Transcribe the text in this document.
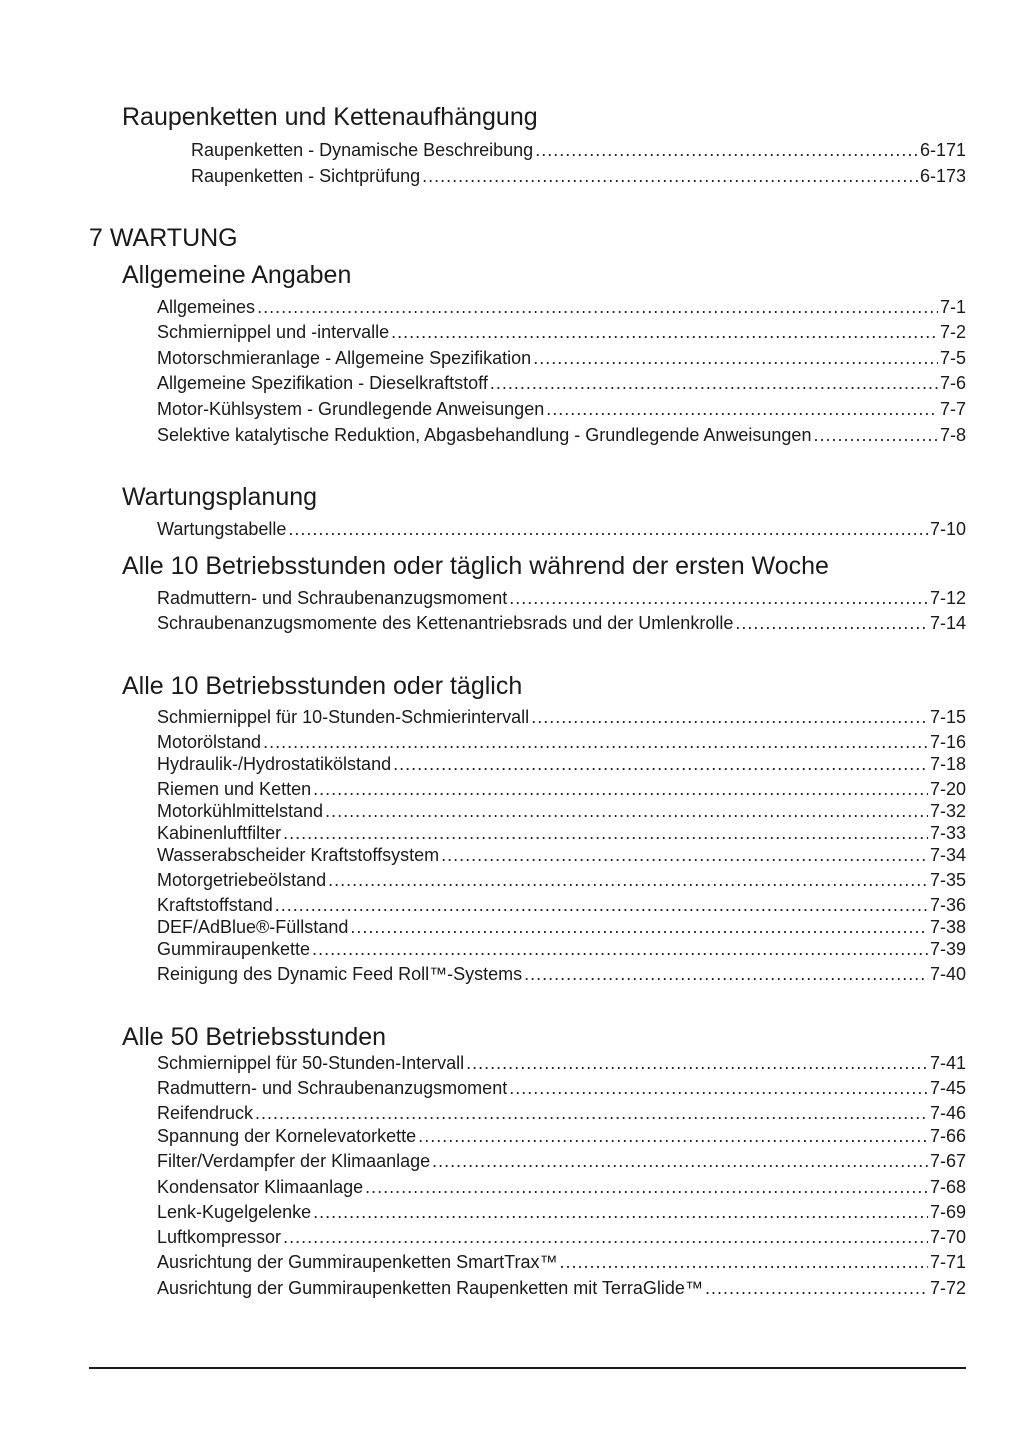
Raupenketten und Kettenaufhängung
Raupenketten - Dynamische Beschreibung . . .	6-171
Raupenketten - Sichtprüfung . . .	6-173
7 WARTUNG
Allgemeine Angaben
Allgemeines . . .	7-1
Schmiernippel und -intervalle . . .	7-2
Motorschmieranlage - Allgemeine Spezifikation . . .	7-5
Allgemeine Spezifikation - Dieselkraftstoff . . .	7-6
Motor-Kühlsystem - Grundlegende Anweisungen . . .	7-7
Selektive katalytische Reduktion, Abgasbehandlung - Grundlegende Anweisungen . . .	7-8
Wartungsplanung
Wartungstabelle . . .	7-10
Alle 10 Betriebsstunden oder täglich während der ersten Woche
Radmuttern- und Schraubenanzugsmoment . . .	7-12
Schraubenanzugsmomente des Kettenantriebsrads und der Umlenkrolle . . .	7-14
Alle 10 Betriebsstunden oder täglich
Schmiernippel für 10-Stunden-Schmierintervall . . .	7-15
Motorölstand . . .	7-16
Hydraulik-/Hydrostatikölstand . . .	7-18
Riemen und Ketten . . .	7-20
Motorkühlmittelstand . . .	7-32
Kabinenluftfilter . . .	7-33
Wasserabscheider Kraftstoffsystem . . .	7-34
Motorgetriebeölstand . . .	7-35
Kraftstoffstand . . .	7-36
DEF/AdBlue®-Füllstand . . .	7-38
Gummiraupenkette . . .	7-39
Reinigung des Dynamic Feed Roll™-Systems . . .	7-40
Alle 50 Betriebsstunden
Schmiernippel für 50-Stunden-Intervall . . .	7-41
Radmuttern- und Schraubenanzugsmoment . . .	7-45
Reifendruck . . .	7-46
Spannung der Kornelevatorkette . . .	7-66
Filter/Verdampfer der Klimaanlage . . .	7-67
Kondensator Klimaanlage . . .	7-68
Lenk-Kugelgelenke . . .	7-69
Luftkompressor . . .	7-70
Ausrichtung der Gummiraupenketten SmartTrax™ . . .	7-71
Ausrichtung der Gummiraupenketten Raupenketten mit TerraGlide™ . . .	7-72
